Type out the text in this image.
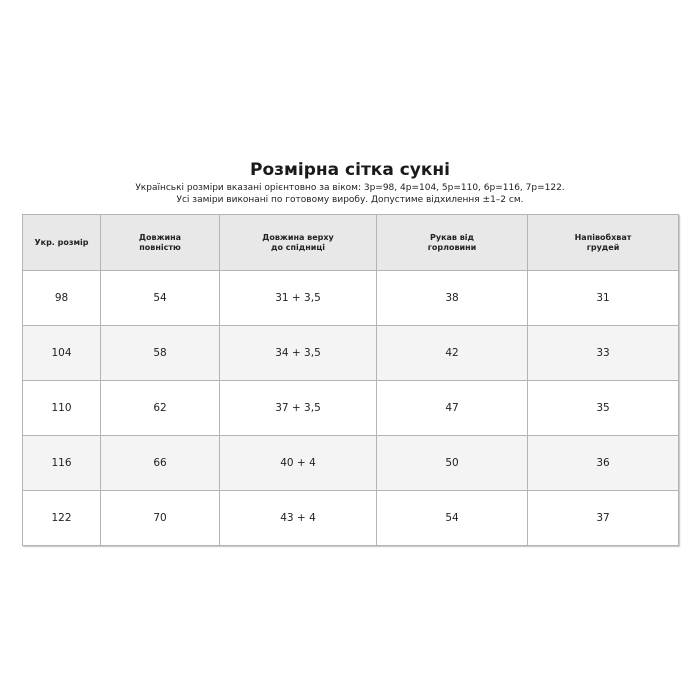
Розмірна сітка сукні
Українські розміри вказані орієнтовно за віком: 3р=98, 4р=104, 5р=110, 6р=116, 7р=122.
Усі заміри виконані по готовому виробу. Допустиме відхилення ±1–2 см.
Укр. розмір	Довжина повністю	Довжина верху до спідниці	Рукав від горловини	Напівобхват грудей
98	54	31 + 3,5	38	31
104	58	34 + 3,5	42	33
110	62	37 + 3,5	47	35
116	66	40 + 4	50	36
122	70	43 + 4	54	37
